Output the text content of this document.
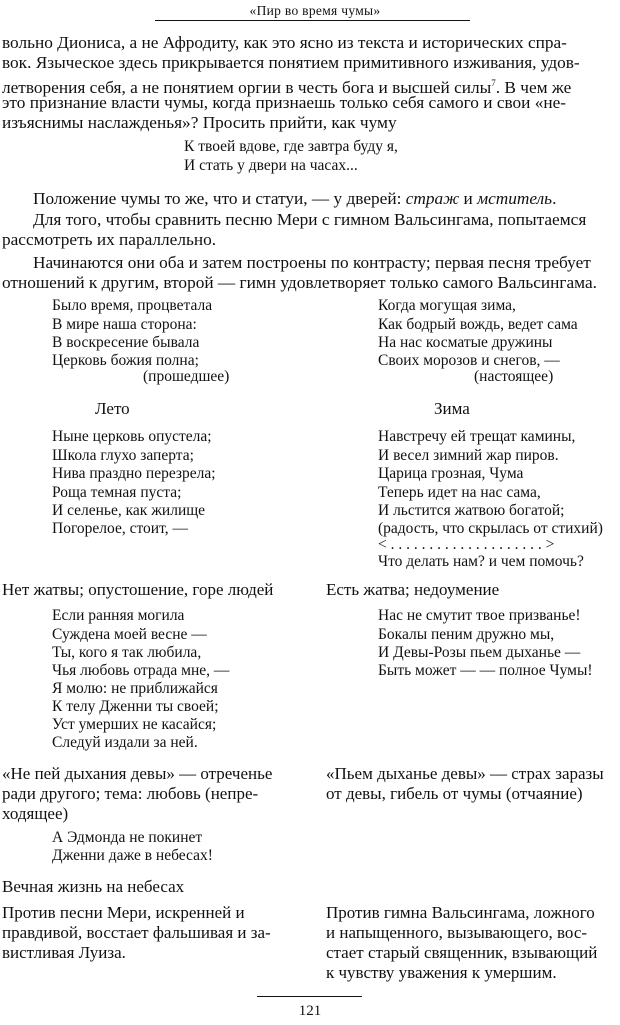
«Пир во время чумы»
вольно Диониса, а не Афродиту, как это ясно из текста и исторических спра-
вок. Языческое здесь прикрывается понятием примитивного изживания, удов-
летворения себя, а не понятием оргии в честь бога и высшей силы$^7$. В чем же
это признание власти чумы, когда признаешь только себя самого и свои «не-
изъяснимы наслажденья»? Просить прийти, как чуму
К твоей вдове, где завтра буду я,
И стать у двери на часах...
Положение чумы то же, что и статуи, — у дверей: страж и мститель.
Для того, чтобы сравнить песню Мери с гимном Вальсингама, попытаемся
рассмотреть их параллельно.
Начинаются они оба и затем построены по контрасту; первая песня требует
отношений к другим, второй — гимн удовлетворяет только самого Вальсингама.
Было время, процветала
В мире наша сторона:
В воскресение бывала
Церковь божия полна;
(прошедшее)
Лето
Ныне церковь опустела;
Школа глухо заперта;
Нива праздно перезрела;
Роща темная пуста;
И селенье, как жилище
Погорелое, стоит, —
Нет жатвы; опустошение, горе людей
Если ранняя могила
Суждена моей весне —
Ты, кого я так любила,
Чья любовь отрада мне, —
Я молю: не приближайся
К телу Дженни ты своей;
Уст умерших не касайся;
Следуй издали за ней.
«Не пей дыхания девы» — отреченье
ради другого; тема: любовь (непре-
ходящее)
А Эдмонда не покинет
Дженни даже в небесах!
Вечная жизнь на небесах
Против песни Мери, искренней и
правдивой, восстает фальшивая и за-
вистливая Луиза.
Когда могущая зима,
Как бодрый вождь, ведет сама
На нас косматые дружины
Своих морозов и снегов, —
(настоящее)
Зима
Навстречу ей трещат камины,
И весел зимний жар пиров.
Царица грозная, Чума
Теперь идет на нас сама,
И льстится жатвою богатой;
(радость, что скрылась от стихий)
< . . . . . . . . . . . . . . . . . . . . >
Что делать нам? и чем помочь?
Есть жатва; недоумение
Нас не смутит твое призванье!
Бокалы пеним дружно мы,
И Девы-Розы пьем дыханье —
Быть может — — полное Чумы!
«Пьем дыханье девы» — страх заразы
от девы, гибель от чумы (отчаяние)
Против гимна Вальсингама, ложного
и напыщенного, вызывающего, вос-
стает старый священник, взывающий
к чувству уважения к умершим.
121
